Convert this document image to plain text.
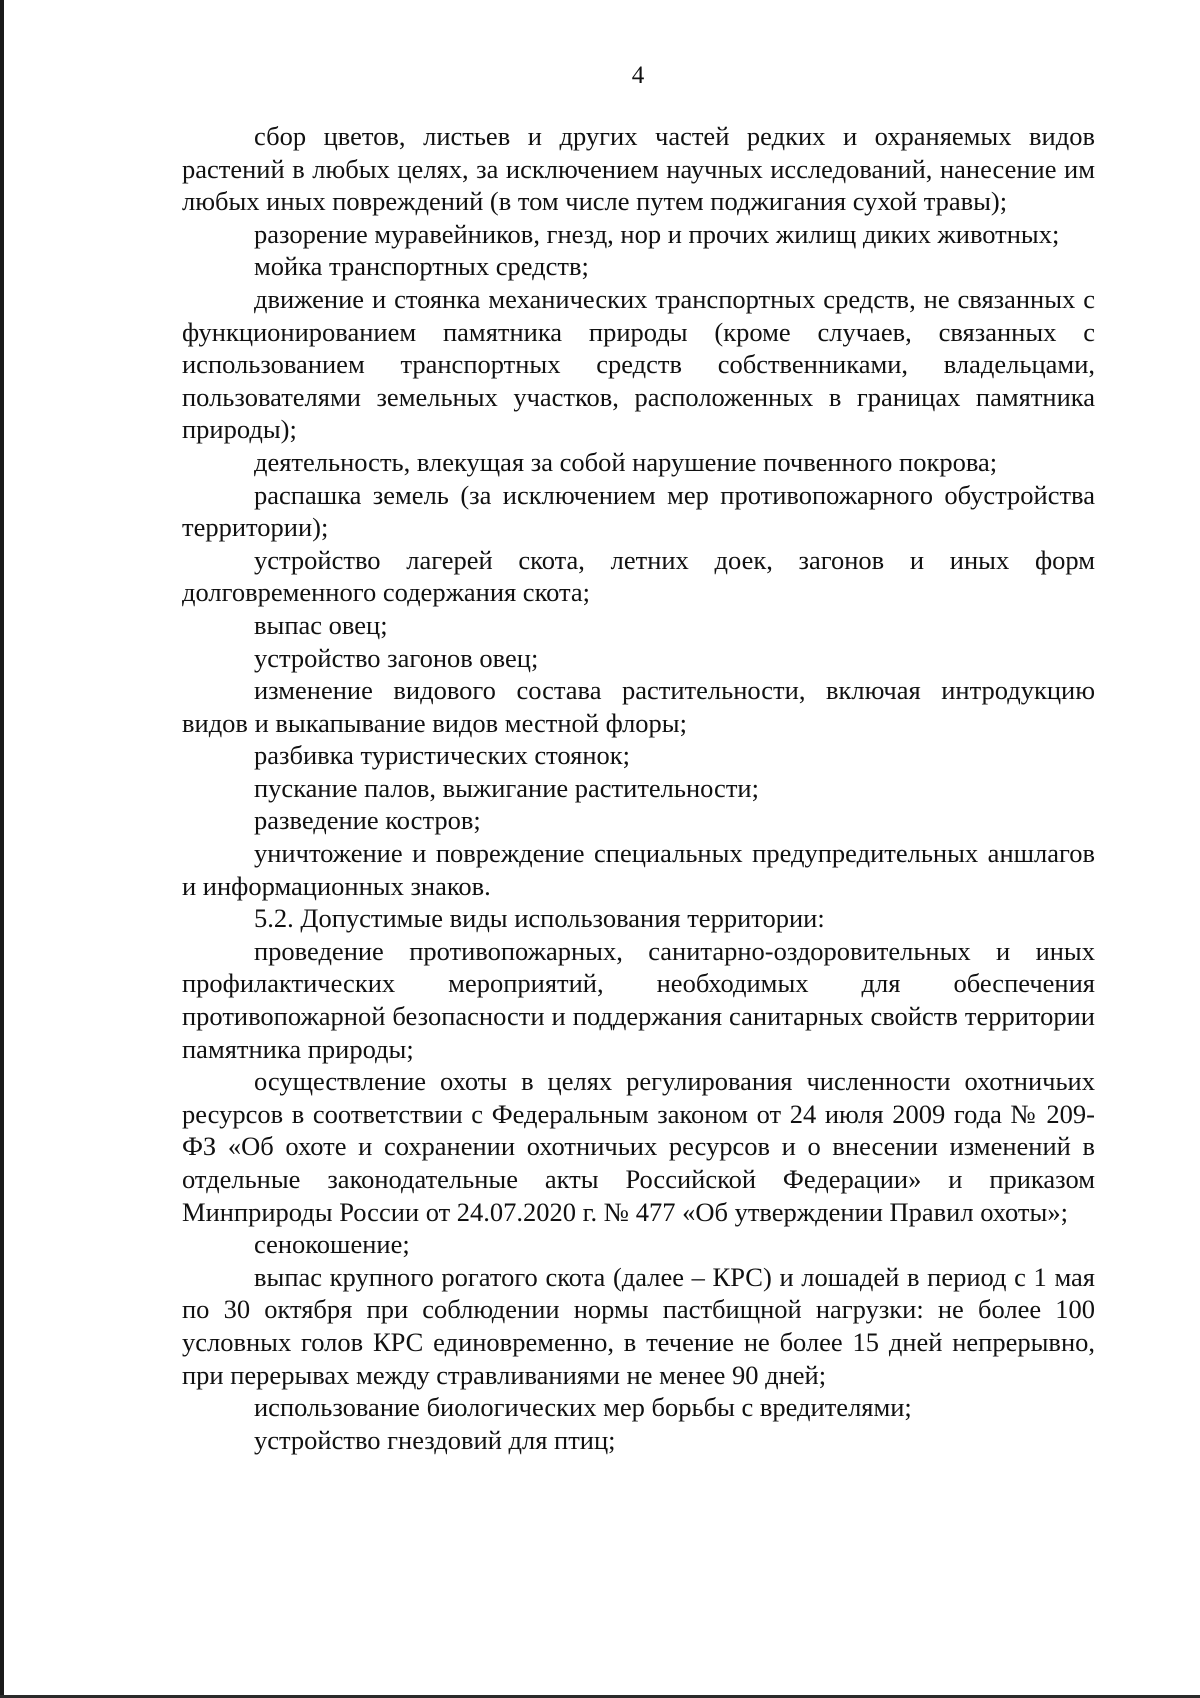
4

сбор цветов, листьев и других частей редких и охраняемых видов растений в любых целях, за исключением научных исследований, нанесение им любых иных повреждений (в том числе путем поджигания сухой травы);

разорение муравейников, гнезд, нор и прочих жилищ диких животных;

мойка транспортных средств;

движение и стоянка механических транспортных средств, не связанных с функционированием памятника природы (кроме случаев, связанных с использованием транспортных средств собственниками, владельцами, пользователями земельных участков, расположенных в границах памятника природы);

деятельность, влекущая за собой нарушение почвенного покрова;

распашка земель (за исключением мер противопожарного обустройства территории);

устройство лагерей скота, летних доек, загонов и иных форм долговременного содержания скота;

выпас овец;

устройство загонов овец;

изменение видового состава растительности, включая интродукцию видов и выкапывание видов местной флоры;

разбивка туристических стоянок;

пускание палов, выжигание растительности;

разведение костров;

уничтожение и повреждение специальных предупредительных аншлагов и информационных знаков.

5.2. Допустимые виды использования территории:

проведение противопожарных, санитарно-оздоровительных и иных профилактических мероприятий, необходимых для обеспечения противопожарной безопасности и поддержания санитарных свойств территории памятника природы;

осуществление охоты в целях регулирования численности охотничьих ресурсов в соответствии с Федеральным законом от 24 июля 2009 года № 209-ФЗ «Об охоте и сохранении охотничьих ресурсов и о внесении изменений в отдельные законодательные акты Российской Федерации» и приказом Минприроды России от 24.07.2020 г. № 477 «Об утверждении Правил охоты»;

сенокошение;

выпас крупного рогатого скота (далее – КРС) и лошадей в период с 1 мая по 30 октября при соблюдении нормы пастбищной нагрузки: не более 100 условных голов КРС единовременно, в течение не более 15 дней непрерывно, при перерывах между стравливаниями не менее 90 дней;

использование биологических мер борьбы с вредителями;

устройство гнездовий для птиц;
